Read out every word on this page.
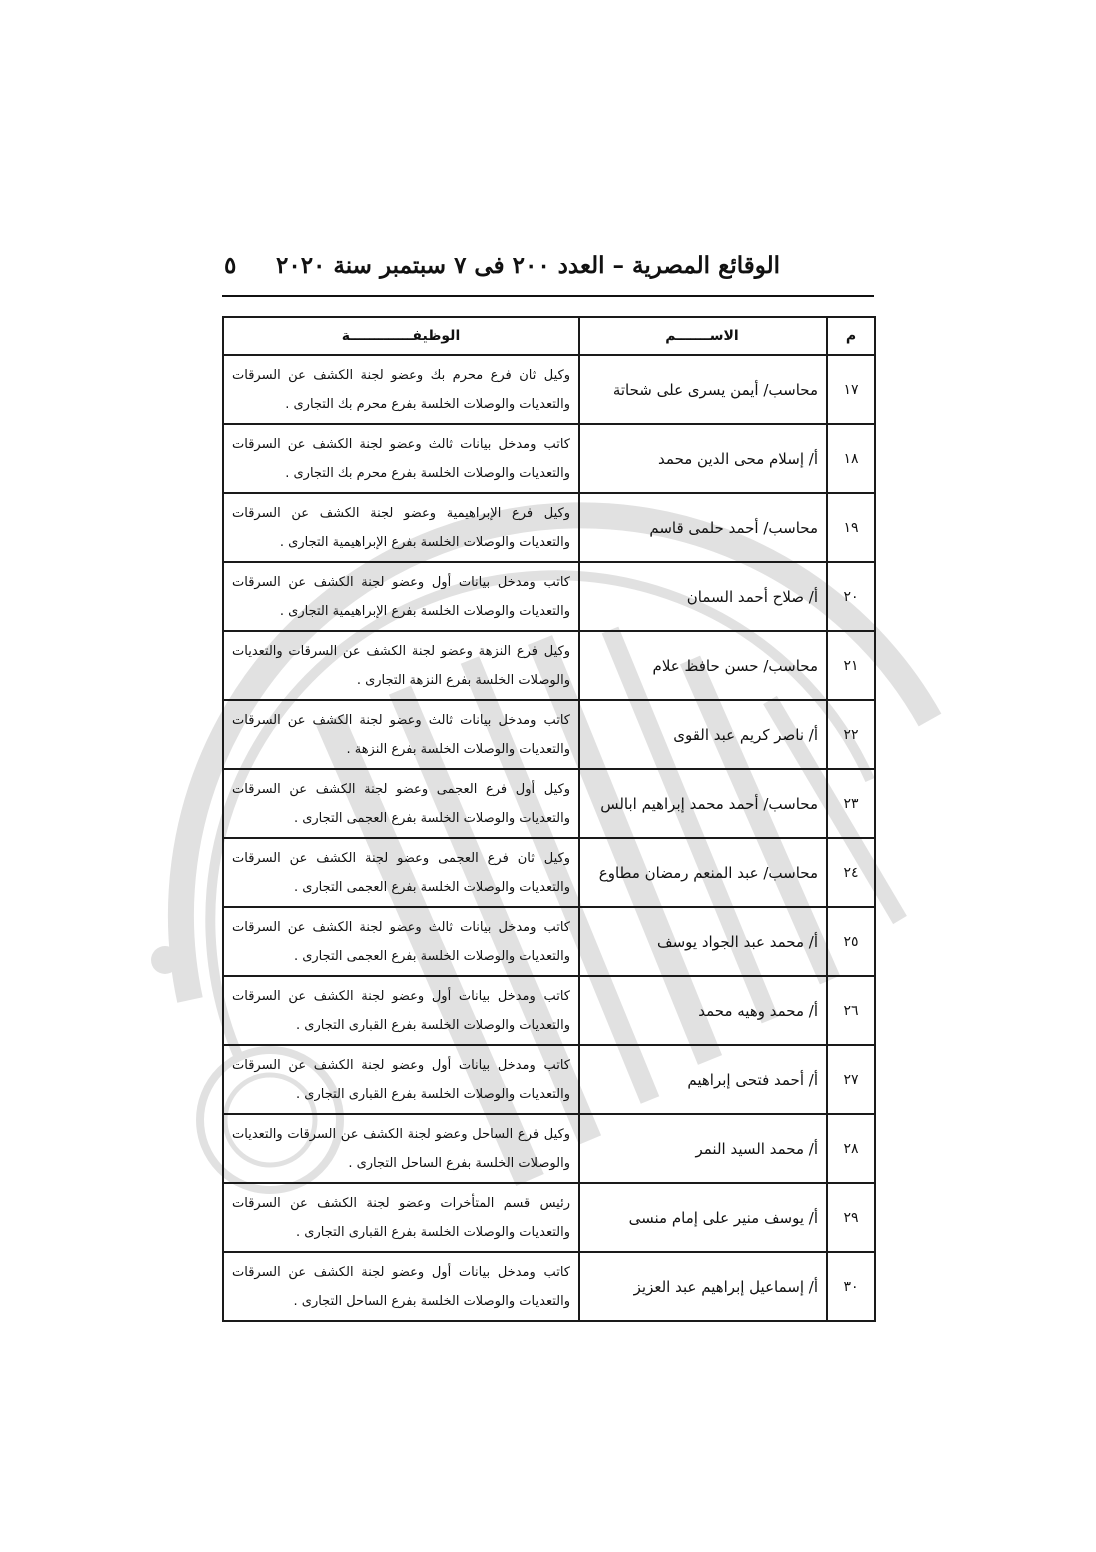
الوقائع المصرية – العدد ٢٠٠ فى ٧ سبتمبر سنة ٢٠٢٠
٥
م	الاســـــــم	الوظيفـــــــــــــة
١٧	محاسب/ أيمن يسرى على شحاتة	وكيل ثان فرع محرم بك وعضو لجنة الكشف عن السرقات والتعديات والوصلات الخلسة بفرع محرم بك التجارى .
١٨	أ/ إسلام محى الدين محمد	كاتب ومدخل بيانات ثالث وعضو لجنة الكشف عن السرقات والتعديات والوصلات الخلسة بفرع محرم بك التجارى .
١٩	محاسب/ أحمد حلمى قاسم	وكيل فرع الإبراهيمية وعضو لجنة الكشف عن السرقات والتعديات والوصلات الخلسة بفرع الإبراهيمية التجارى .
٢٠	أ/ صلاح أحمد السمان	كاتب ومدخل بيانات أول وعضو لجنة الكشف عن السرقات والتعديات والوصلات الخلسة بفرع الإبراهيمية التجارى .
٢١	محاسب/ حسن حافظ علام	وكيل فرع النزهة وعضو لجنة الكشف عن السرقات والتعديات والوصلات الخلسة بفرع النزهة التجارى .
٢٢	أ/ ناصر كريم عبد القوى	كاتب ومدخل بيانات ثالث وعضو لجنة الكشف عن السرقات والتعديات والوصلات الخلسة بفرع النزهة .
٢٣	محاسب/ أحمد محمد إبراهيم ابالس	وكيل أول فرع العجمى وعضو لجنة الكشف عن السرقات والتعديات والوصلات الخلسة بفرع العجمى التجارى .
٢٤	محاسب/ عبد المنعم رمضان مطاوع	وكيل ثان فرع العجمى وعضو لجنة الكشف عن السرقات والتعديات والوصلات الخلسة بفرع العجمى التجارى .
٢٥	أ/ محمد عبد الجواد يوسف	كاتب ومدخل بيانات ثالث وعضو لجنة الكشف عن السرقات والتعديات والوصلات الخلسة بفرع العجمى التجارى .
٢٦	أ/ محمد وهيه محمد	كاتب ومدخل بيانات أول وعضو لجنة الكشف عن السرقات والتعديات والوصلات الخلسة بفرع القبارى التجارى .
٢٧	أ/ أحمد فتحى إبراهيم	كاتب ومدخل بيانات أول وعضو لجنة الكشف عن السرقات والتعديات والوصلات الخلسة بفرع القبارى التجارى .
٢٨	أ/ محمد السيد النمر	وكيل فرع الساحل وعضو لجنة الكشف عن السرقات والتعديات والوصلات الخلسة بفرع الساحل التجارى .
٢٩	أ/ يوسف منير على إمام منسى	رئيس قسم المتأخرات وعضو لجنة الكشف عن السرقات والتعديات والوصلات الخلسة بفرع القبارى التجارى .
٣٠	أ/ إسماعيل إبراهيم عبد العزيز	كاتب ومدخل بيانات أول وعضو لجنة الكشف عن السرقات والتعديات والوصلات الخلسة بفرع الساحل التجارى .
